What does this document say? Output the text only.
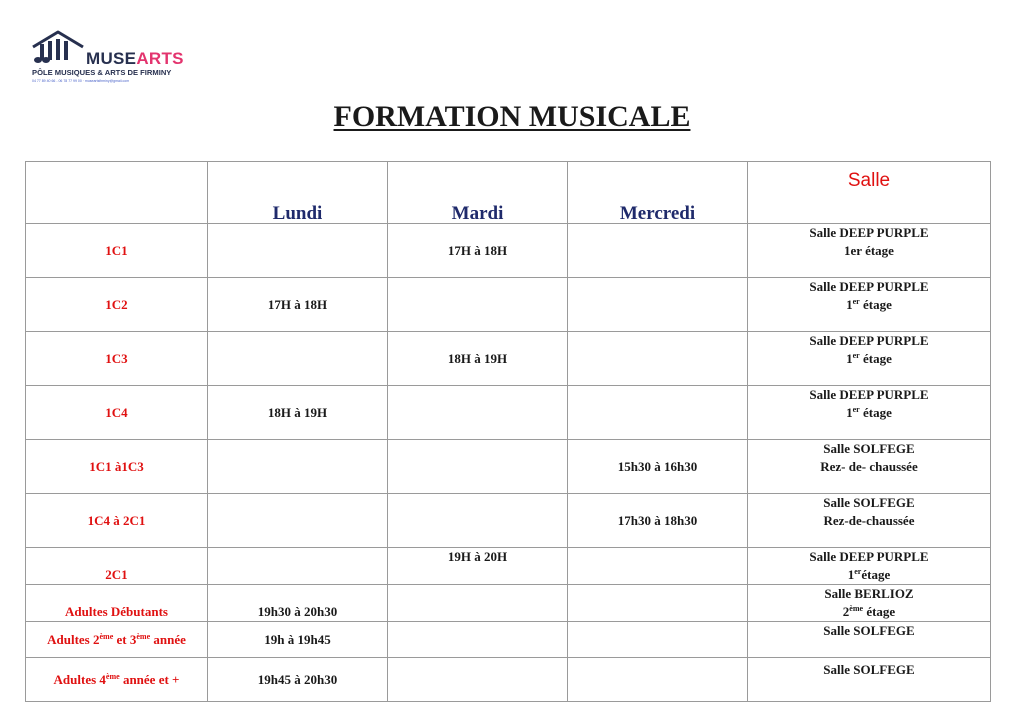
MUSEARTS
PÔLE MUSIQUES & ARTS DE FIRMINY
04 77 89 40 66 - 06 78 77 99 00 · museartsfirminy@gmail.com
FORMATION MUSICALE
	Lundi	Mardi	Mercredi	Salle
1C1		17H à 18H		Salle DEEP PURPLE
1er étage

1C2	17H à 18H			Salle DEEP PURPLE
1er étage

1C3		18H à 19H		Salle DEEP PURPLE
1er étage

1C4	18H à 19H			Salle DEEP PURPLE
1er étage

1C1 à1C3			15h30 à 16h30	Salle SOLFEGE
Rez- de- chaussée

1C4 à 2C1			17h30 à 18h30	Salle SOLFEGE
Rez-de-chaussée

2C1		19H à 20H		Salle DEEP PURPLE
1erétage

Adultes Débutants	19h30 à 20h30			Salle BERLIOZ
2ème étage

Adultes 2ème et 3ème année	19h à 19h45			Salle SOLFEGE

Adultes 4ème année et +	19h45 à 20h30			Salle SOLFEGE
